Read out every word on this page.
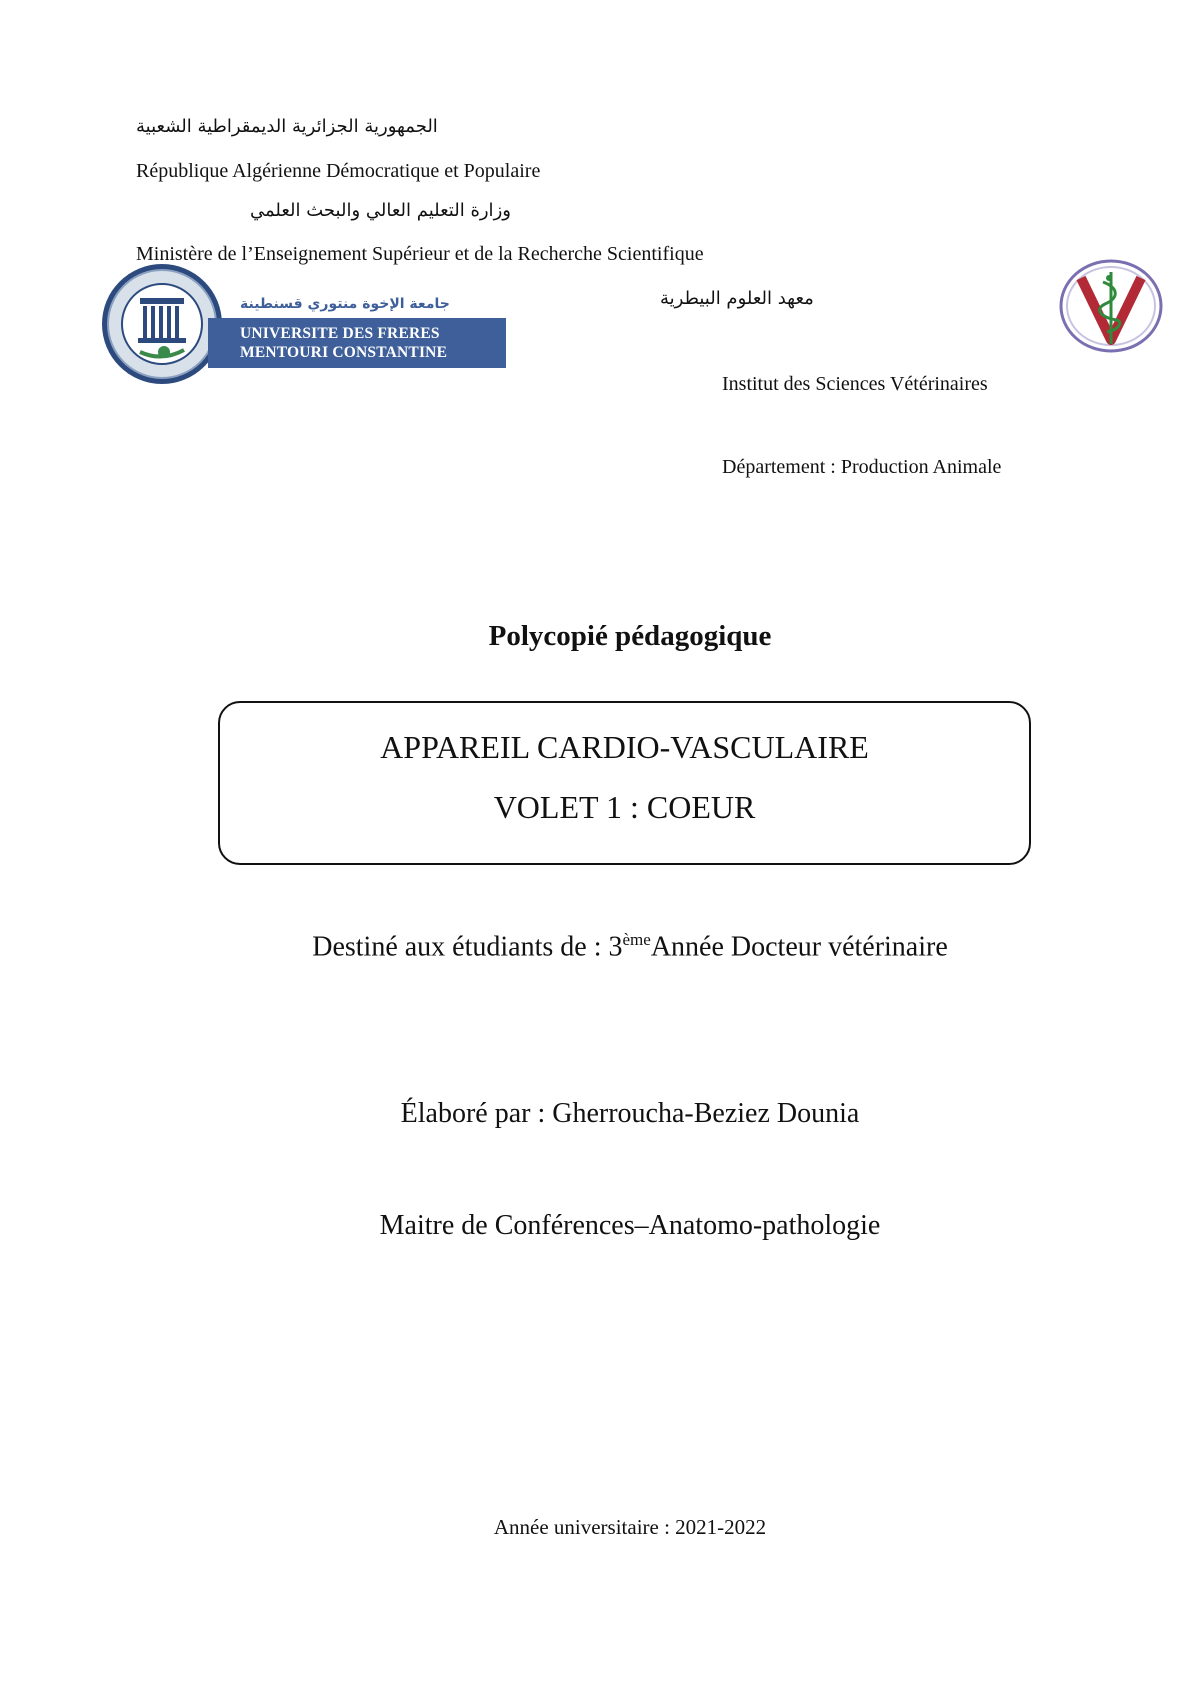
الجمهورية الجزائرية الديمقراطية الشعبية
République Algérienne Démocratique et Populaire
وزارة التعليم العالي والبحث العلمي
Ministère de l’Enseignement Supérieur et de la Recherche Scientifique
معهد العلوم البيطرية
Institut des Sciences Vétérinaires
Département : Production Animale
جامعة الإخوة منتوري قسنطينة
UNIVERSITE DES FRERES
MENTOURI CONSTANTINE
Polycopié pédagogique
APPAREIL CARDIO-VASCULAIRE
VOLET 1 : COEUR
Destiné aux étudiants de : 3èmeAnnée Docteur vétérinaire
Élaboré par : Gherroucha-Beziez Dounia
Maitre de Conférences–Anatomo-pathologie
Année universitaire : 2021-2022
